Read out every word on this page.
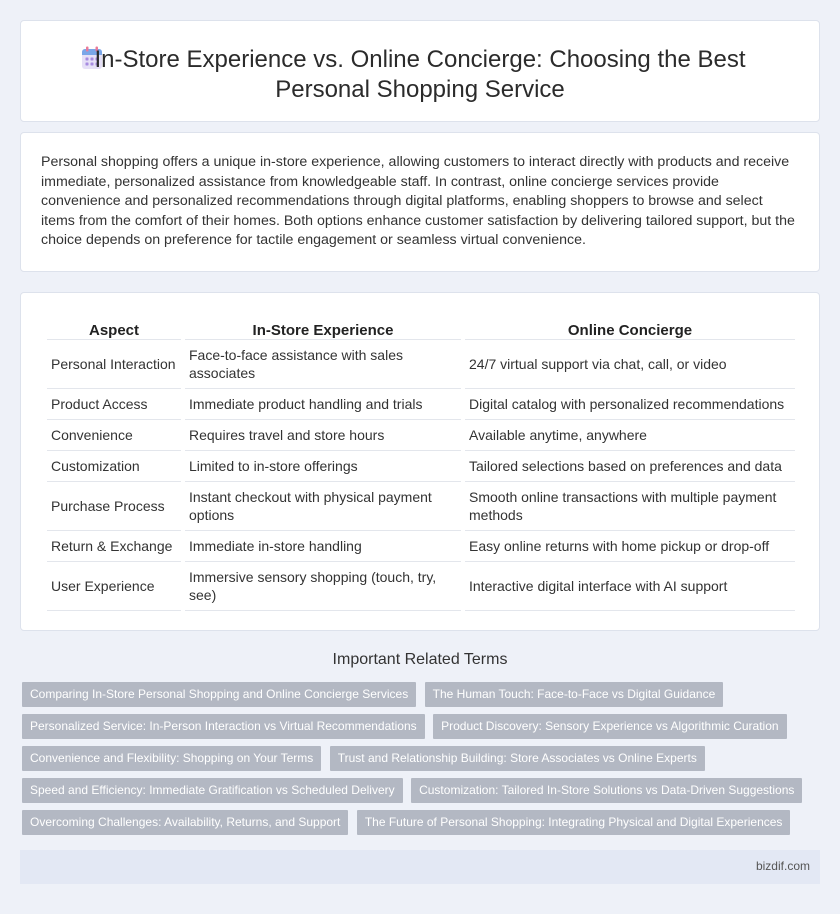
In-Store Experience vs. Online Concierge: Choosing the Best
Personal Shopping Service

Personal shopping offers a unique in-store experience, allowing customers to interact directly with products and receive immediate, personalized assistance from knowledgeable staff. In contrast, online concierge services provide convenience and personalized recommendations through digital platforms, enabling shoppers to browse and select items from the comfort of their homes. Both options enhance customer satisfaction by delivering tailored support, but the choice depends on preference for tactile engagement or seamless virtual convenience.

Aspect	In-Store Experience	Online Concierge
Personal Interaction	Face-to-face assistance with sales associates	24/7 virtual support via chat, call, or video
Product Access	Immediate product handling and trials	Digital catalog with personalized recommendations
Convenience	Requires travel and store hours	Available anytime, anywhere
Customization	Limited to in-store offerings	Tailored selections based on preferences and data
Purchase Process	Instant checkout with physical payment options	Smooth online transactions with multiple payment methods
Return & Exchange	Immediate in-store handling	Easy online returns with home pickup or drop-off
User Experience	Immersive sensory shopping (touch, try, see)	Interactive digital interface with AI support
Important Related Terms
Comparing In-Store Personal Shopping and Online Concierge Services The Human Touch: Face-to-Face vs Digital Guidance
Personalized Service: In-Person Interaction vs Virtual Recommendations Product Discovery: Sensory Experience vs Algorithmic Curation
Convenience and Flexibility: Shopping on Your Terms Trust and Relationship Building: Store Associates vs Online Experts
Speed and Efficiency: Immediate Gratification vs Scheduled Delivery Customization: Tailored In-Store Solutions vs Data-Driven Suggestions
Overcoming Challenges: Availability, Returns, and Support The Future of Personal Shopping: Integrating Physical and Digital Experiences
bizdif.com
